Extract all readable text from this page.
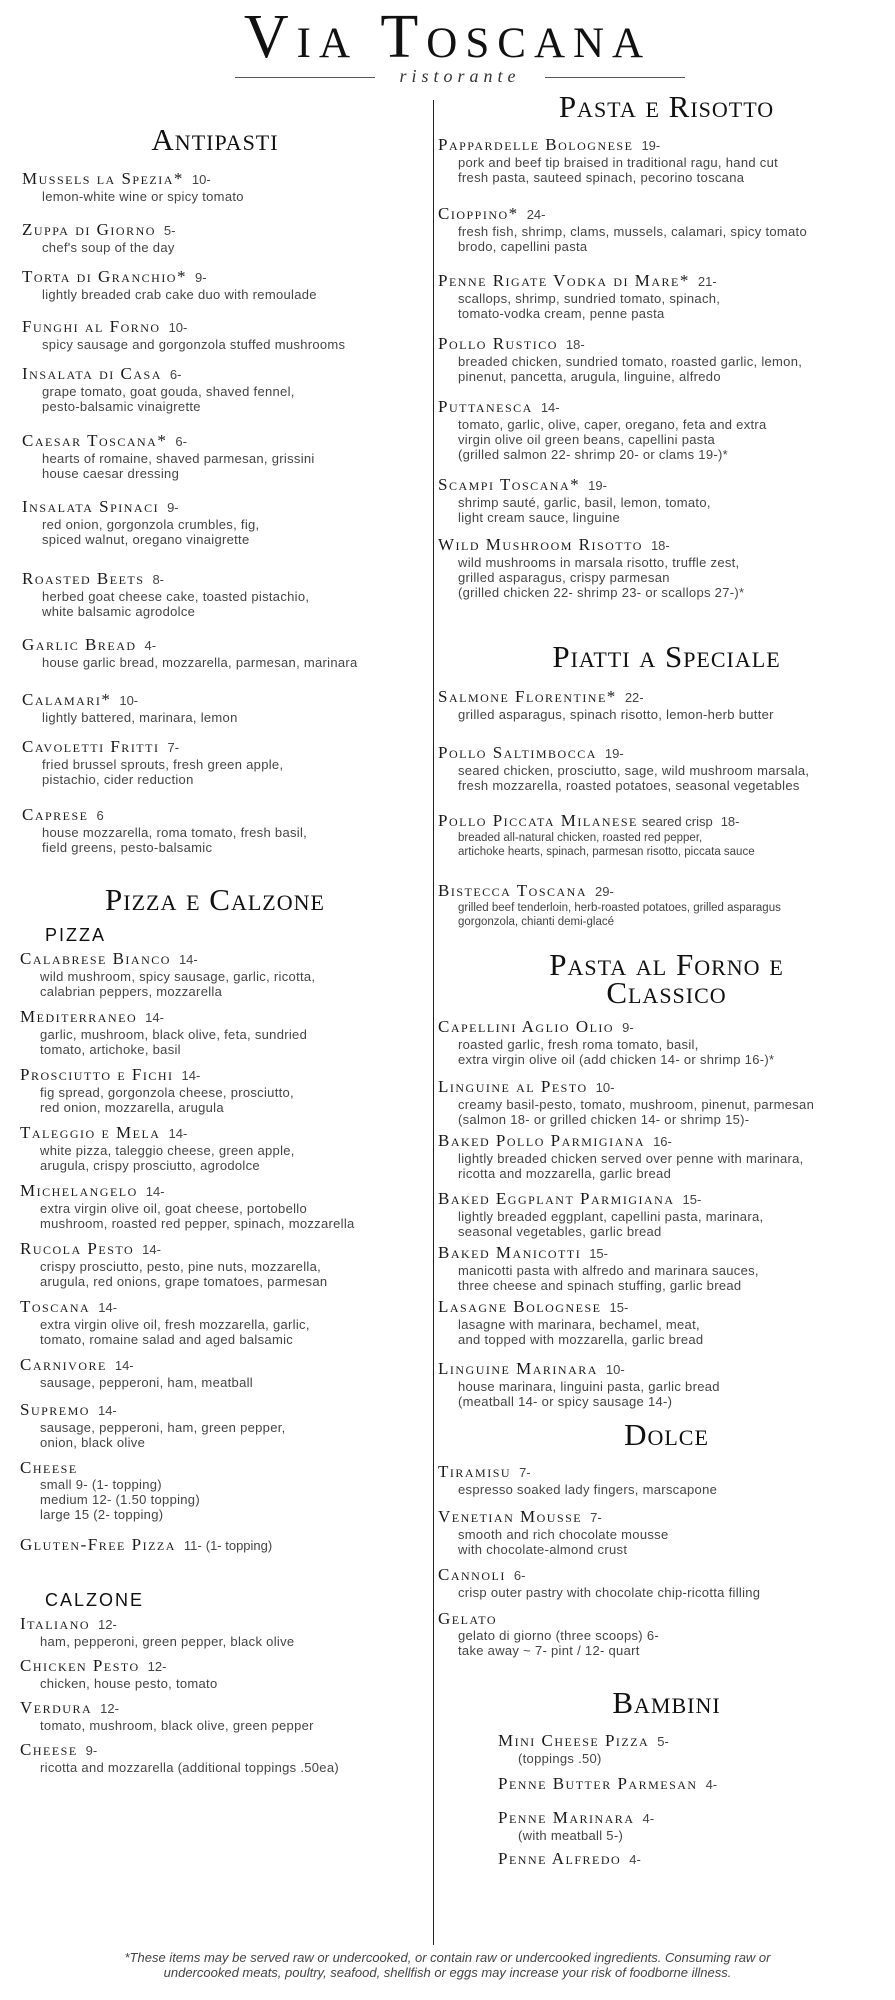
Via Toscana
ristorante
Antipasti
Mussels la Spezia* 10-
lemon-white wine or spicy tomato
Zuppa di Giorno 5-
chef's soup of the day
Torta di Granchio* 9-
lightly breaded crab cake duo with remoulade
Funghi al Forno 10-
spicy sausage and gorgonzola stuffed mushrooms
Insalata di Casa 6-
grape tomato, goat gouda, shaved fennel,
pesto-balsamic vinaigrette
Caesar Toscana* 6-
hearts of romaine, shaved parmesan, grissini
house caesar dressing
Insalata Spinaci 9-
red onion, gorgonzola crumbles, fig,
spiced walnut, oregano vinaigrette
Roasted Beets 8-
herbed goat cheese cake, toasted pistachio,
white balsamic agrodolce
Garlic Bread 4-
house garlic bread, mozzarella, parmesan, marinara
Calamari* 10-
lightly battered, marinara, lemon
Cavoletti Fritti 7-
fried brussel sprouts, fresh green apple,
pistachio, cider reduction
Caprese 6
house mozzarella, roma tomato, fresh basil,
field greens, pesto-balsamic
Pizza e Calzone
PIZZA
Calabrese Bianco 14-
wild mushroom, spicy sausage, garlic, ricotta,
calabrian peppers, mozzarella
Mediterraneo 14-
garlic, mushroom, black olive, feta, sundried
tomato, artichoke, basil
Prosciutto e Fichi 14-
fig spread, gorgonzola cheese, prosciutto,
red onion, mozzarella, arugula
Taleggio e Mela 14-
white pizza, taleggio cheese, green apple,
arugula, crispy prosciutto, agrodolce
Michelangelo 14-
extra virgin olive oil, goat cheese, portobello
mushroom, roasted red pepper, spinach, mozzarella
Rucola Pesto 14-
crispy prosciutto, pesto, pine nuts, mozzarella,
arugula, red onions, grape tomatoes, parmesan
Toscana 14-
extra virgin olive oil, fresh mozzarella, garlic,
tomato, romaine salad and aged balsamic
Carnivore 14-
sausage, pepperoni, ham, meatball
Supremo 14-
sausage, pepperoni, ham, green pepper,
onion, black olive
Cheese
small 9- (1- topping)
medium 12- (1.50 topping)
large 15 (2- topping)
Gluten-Free Pizza 11- (1- topping)
CALZONE
Italiano 12-
ham, pepperoni, green pepper, black olive
Chicken Pesto 12-
chicken, house pesto, tomato
Verdura 12-
tomato, mushroom, black olive, green pepper
Cheese 9-
ricotta and mozzarella (additional toppings .50ea)
Pasta e Risotto
Pappardelle Bolognese 19-
pork and beef tip braised in traditional ragu, hand cut
fresh pasta, sauteed spinach, pecorino toscana
Cioppino* 24-
fresh fish, shrimp, clams, mussels, calamari, spicy tomato
brodo, capellini pasta
Penne Rigate Vodka di Mare* 21-
scallops, shrimp, sundried tomato, spinach,
tomato-vodka cream, penne pasta
Pollo Rustico 18-
breaded chicken, sundried tomato, roasted garlic, lemon,
pinenut, pancetta, arugula, linguine, alfredo
Puttanesca 14-
tomato, garlic, olive, caper, oregano, feta and extra
virgin olive oil green beans, capellini pasta
(grilled salmon 22- shrimp 20- or clams 19-)*
Scampi Toscana* 19-
shrimp sauté, garlic, basil, lemon, tomato,
light cream sauce, linguine
Wild Mushroom Risotto 18-
wild mushrooms in marsala risotto, truffle zest,
grilled asparagus, crispy parmesan
(grilled chicken 22- shrimp 23- or scallops 27-)*
Piatti a Speciale
Salmone Florentine* 22-
grilled asparagus, spinach risotto, lemon-herb butter
Pollo Saltimbocca 19-
seared chicken, prosciutto, sage, wild mushroom marsala,
fresh mozzarella, roasted potatoes, seasonal vegetables
Pollo Piccata Milanese seared crisp 18-
breaded all-natural chicken, roasted red pepper,
artichoke hearts, spinach, parmesan risotto, piccata sauce
Bistecca Toscana 29-
grilled beef tenderloin, herb-roasted potatoes, grilled asparagus
gorgonzola, chianti demi-glacé
Pasta al Forno e
Classico
Capellini Aglio Olio 9-
roasted garlic, fresh roma tomato, basil,
extra virgin olive oil (add chicken 14- or shrimp 16-)*
Linguine al Pesto 10-
creamy basil-pesto, tomato, mushroom, pinenut, parmesan
(salmon 18- or grilled chicken 14- or shrimp 15)-
Baked Pollo Parmigiana 16-
lightly breaded chicken served over penne with marinara,
ricotta and mozzarella, garlic bread
Baked Eggplant Parmigiana 15-
lightly breaded eggplant, capellini pasta, marinara,
seasonal vegetables, garlic bread
Baked Manicotti 15-
manicotti pasta with alfredo and marinara sauces,
three cheese and spinach stuffing, garlic bread
Lasagne Bolognese 15-
lasagne with marinara, bechamel, meat,
and topped with mozzarella, garlic bread
Linguine Marinara 10-
house marinara, linguini pasta, garlic bread
(meatball 14- or spicy sausage 14-)
Dolce
Tiramisu 7-
espresso soaked lady fingers, marscapone
Venetian Mousse 7-
smooth and rich chocolate mousse
with chocolate-almond crust
Cannoli 6-
crisp outer pastry with chocolate chip-ricotta filling
Gelato
gelato di giorno (three scoops) 6-
take away ~ 7- pint / 12- quart
Bambini
Mini Cheese Pizza 5-
(toppings .50)
Penne Butter Parmesan 4-
Penne Marinara 4-
(with meatball 5-)
Penne Alfredo 4-
*These items may be served raw or undercooked, or contain raw or undercooked ingredients. Consuming raw or
undercooked meats, poultry, seafood, shellfish or eggs may increase your risk of foodborne illness.
